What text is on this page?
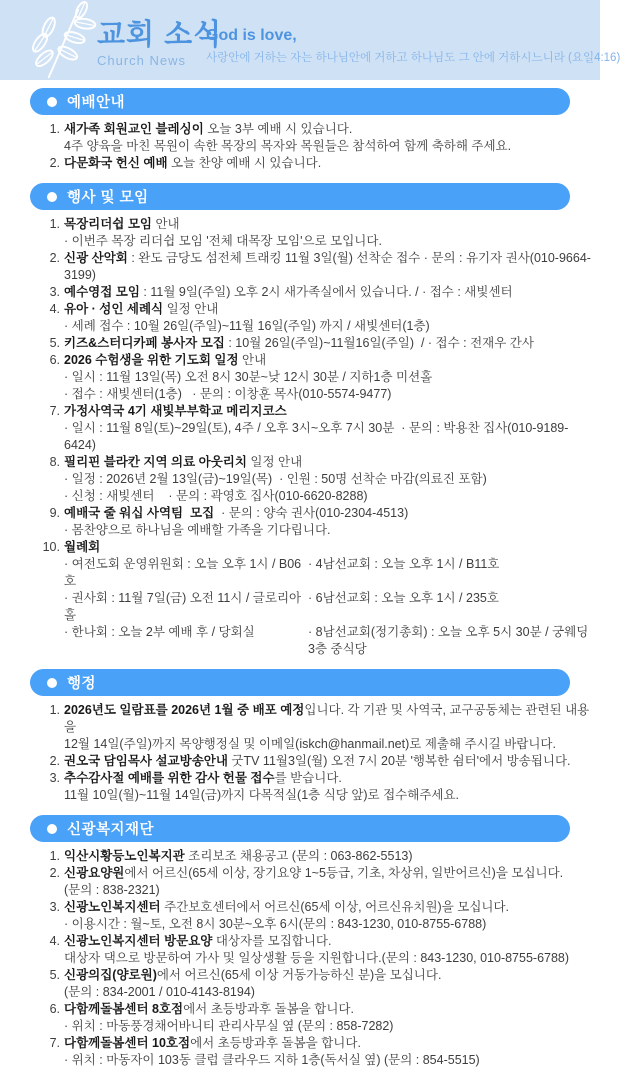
교회 소식
Church News
God is love,
사랑안에 거하는 자는 하나님안에 거하고 하나님도 그 안에 거하시느니라 (요일4:16)
예배안내
1. 새가족 회원교인 블레싱이 오늘 3부 예배 시 있습니다.
4주 양육을 마친 목원이 속한 목장의 목자와 목원들은 참석하여 함께 축하해 주세요.
2. 다문화국 헌신 예배 오늘 찬양 예배 시 있습니다.
행사 및 모임
1. 목장리더쉽 모임 안내
· 이번주 목장 리더쉽 모임 '전체 대목장 모임'으로 모입니다.
2. 신광 산악회 : 완도 금당도 섬전체 트래킹 11월 3일(월) 선착순 접수 · 문의 : 유기자 권사(010-9664-3199)
3. 예수영접 모임 : 11월 9일(주일) 오후 2시 새가족실에서 있습니다. / · 접수 : 새빛센터
4. 유아 · 성인 세례식 일정 안내
· 세례 접수 : 10월 26일(주일)~11월 16일(주일) 까지 / 새빛센터(1층)
5. 키즈&스터디카페 봉사자 모집 : 10월 26일(주일)~11월16일(주일)  / · 접수 : 전재우 간사
6. 2026 수험생을 위한 기도회 일정 안내
· 일시 : 11월 13일(목) 오전 8시 30분~낮 12시 30분 / 지하1층 미션홀
· 접수 : 새빛센터(1층)   · 문의 : 이창훈 목사(010-5574-9477)
7. 가정사역국 4기 새빛부부학교 메리지코스
· 일시 : 11월 8일(토)~29일(토), 4주 / 오후 3시~오후 7시 30분  · 문의 : 박용찬 집사(010-9189-6424)
8. 필리핀 블라칸 지역 의료 아웃리치 일정 안내
· 일정 : 2026년 2월 13일(금)~19일(목)  · 인원 : 50명 선착순 마감(의료진 포함)
· 신청 : 새빛센터    · 문의 : 곽영호 집사(010-6620-8288)
9. 예배국 줄 워십 사역팀  모집  · 문의 : 양숙 권사(010-2304-4513)
· 몸찬양으로 하나님을 예배할 가족을 기다립니다.
10. 월례회
· 여전도회 운영위원회 : 오늘 오후 1시 / B06호
· 4남선교회 : 오늘 오후 1시 / B11호
· 권사회 : 11월 7일(금) 오전 11시 / 글로리아홀
· 6남선교회 : 오늘 오후 1시 / 235호
· 한나회 : 오늘 2부 예배 후 / 당회실	· 8남선교회(정기총회) : 오늘 오후 5시 30분 / 궁웨딩 3층 중식당
행정
1. 2026년도 일람표를 2026년 1월 중 배포 예정입니다. 각 기관 및 사역국, 교구공동체는 관련된 내용을
12월 14일(주일)까지 목양행정실 및 이메일(iskch@hanmail.net)로 제출해 주시길 바랍니다.
2. 권오국 담임목사 설교방송안내 굿TV 11월3일(월) 오전 7시 20분 '행복한 쉼터'에서 방송됩니다.
3. 추수감사절 예배를 위한 감사 헌물 접수를 받습니다.
11월 10일(월)~11월 14일(금)까지 다목적실(1층 식당 앞)로 접수해주세요.
신광복지재단
1. 익산시황등노인복지관 조리보조 채용공고 (문의 : 063-862-5513)
2. 신광요양원에서 어르신(65세 이상, 장기요양 1~5등급, 기초, 차상위, 일반어르신)을 모십니다.
(문의 : 838-2321)
3. 신광노인복지센터 주간보호센터에서 어르신(65세 이상, 어르신유치원)을 모십니다.
· 이용시간 : 월~토, 오전 8시 30분~오후 6시(문의 : 843-1230, 010-8755-6788)
4. 신광노인복지센터 방문요양 대상자를 모집합니다.
대상자 댁으로 방문하여 가사 및 일상생활 등을 지원합니다.(문의 : 843-1230, 010-8755-6788)
5. 신광의집(양로원)에서 어르신(65세 이상 거동가능하신 분)을 모십니다.
(문의 : 834-2001 / 010-4143-8194)
6. 다함께돌봄센터 8호점에서 초등방과후 돌봄을 합니다.
· 위치 : 마동풍경채어바니티 관리사무실 옆 (문의 : 858-7282)
7. 다함께돌봄센터 10호점에서 초등방과후 돌봄을 합니다.
· 위치 : 마동자이 103동 클럽 클라우드 지하 1층(독서실 옆) (문의 : 854-5515)
